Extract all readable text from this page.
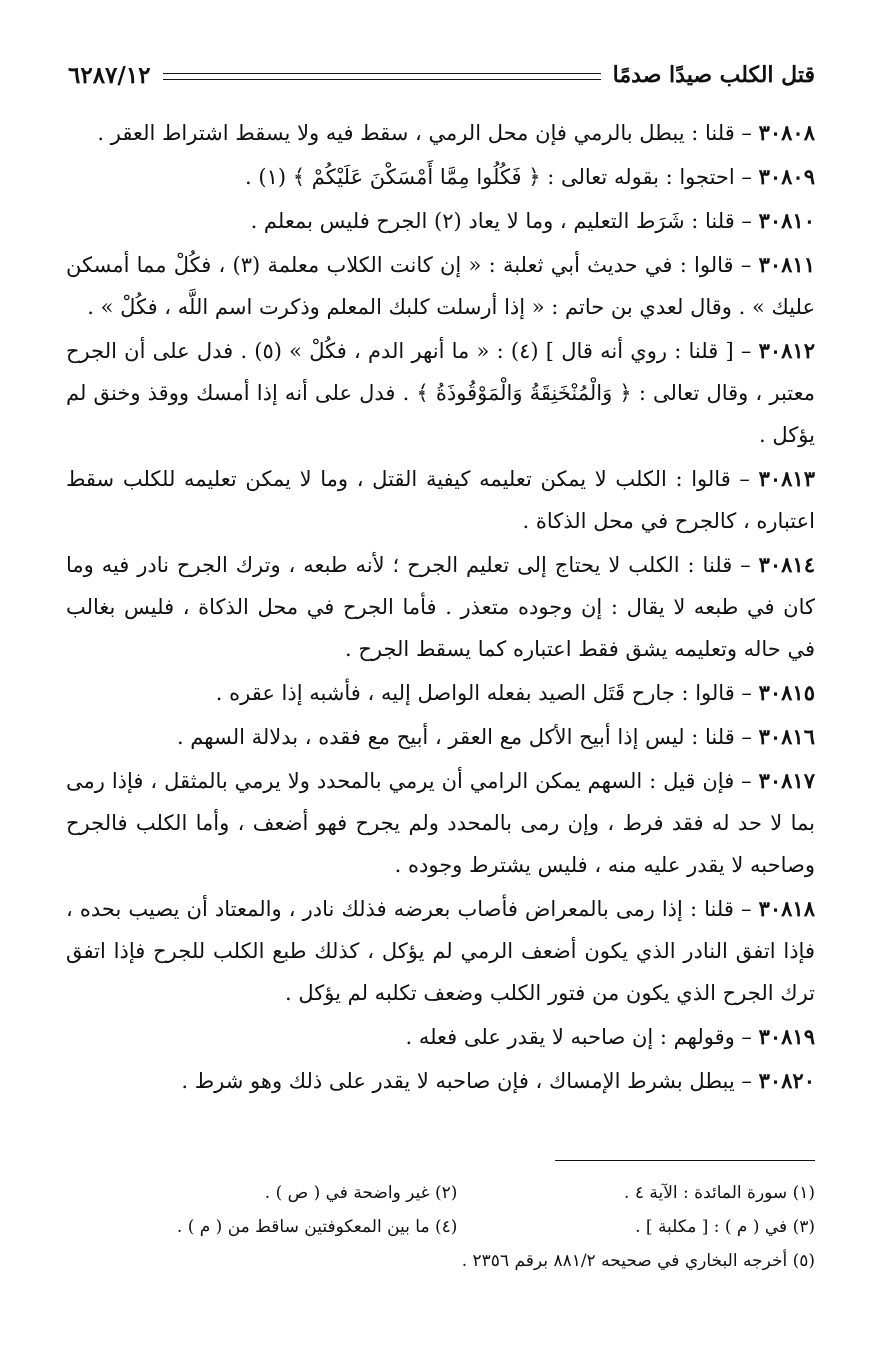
قتل الكلب صيدًا صدمًا
٦٢٨٧/١٢

٣٠٨٠٨ – قلنا : يبطل بالرمي فإن محل الرمي ، سقط فيه ولا يسقط اشتراط العقر .

٣٠٨٠٩ – احتجوا : بقوله تعالى : ﴿ فَكُلُوا مِمَّا أَمْسَكْنَ عَلَيْكُمْ ﴾ (١) .

٣٠٨١٠ – قلنا : شَرَط التعليم ، وما لا يعاد (٢) الجرح فليس بمعلم .

٣٠٨١١ – قالوا : في حديث أبي ثعلبة : « إن كانت الكلاب معلمة (٣) ، فكُلْ مما أمسكن عليك » . وقال لعدي بن حاتم : « إذا أرسلت كلبك المعلم وذكرت اسم اللَّه ، فكُلْ » .

٣٠٨١٢ – [ قلنا : روي أنه قال ] (٤) : « ما أنهر الدم ، فكُلْ » (٥) . فدل على أن الجرح معتبر ، وقال تعالى : ﴿ وَالْمُنْخَنِقَةُ وَالْمَوْقُوذَةُ ﴾ . فدل على أنه إذا أمسك ووقذ وخنق لم يؤكل .

٣٠٨١٣ – قالوا : الكلب لا يمكن تعليمه كيفية القتل ، وما لا يمكن تعليمه للكلب سقط اعتباره ، كالجرح في محل الذكاة .

٣٠٨١٤ – قلنا : الكلب لا يحتاج إلى تعليم الجرح ؛ لأنه طبعه ، وترك الجرح نادر فيه وما كان في طبعه لا يقال : إن وجوده متعذر . فأما الجرح في محل الذكاة ، فليس بغالب في حاله وتعليمه يشق فقط اعتباره كما يسقط الجرح .

٣٠٨١٥ – قالوا : جارح قَتَل الصيد بفعله الواصل إليه ، فأشبه إذا عقره .

٣٠٨١٦ – قلنا : ليس إذا أبيح الأكل مع العقر ، أبيح مع فقده ، بدلالة السهم .

٣٠٨١٧ – فإن قيل : السهم يمكن الرامي أن يرمي بالمحدد ولا يرمي بالمثقل ، فإذا رمى بما لا حد له فقد فرط ، وإن رمى بالمحدد ولم يجرح فهو أضعف ، وأما الكلب فالجرح وصاحبه لا يقدر عليه منه ، فليس يشترط وجوده .

٣٠٨١٨ – قلنا : إذا رمى بالمعراض فأصاب بعرضه فذلك نادر ، والمعتاد أن يصيب بحده ، فإذا اتفق النادر الذي يكون أضعف الرمي لم يؤكل ، كذلك طبع الكلب للجرح فإذا اتفق ترك الجرح الذي يكون من فتور الكلب وضعف تكلبه لم يؤكل .

٣٠٨١٩ – وقولهم : إن صاحبه لا يقدر على فعله .

٣٠٨٢٠ – يبطل بشرط الإمساك ، فإن صاحبه لا يقدر على ذلك وهو شرط .

(١) سورة المائدة : الآية ٤ .
(٢) غير واضحة في ( ص ) .
(٣) في ( م ) : [ مكلبة ] .
(٤) ما بين المعكوفتين ساقط من ( م ) .
(٥) أخرجه البخاري في صحيحه ٨٨١/٢ برقم ٢٣٥٦ .
